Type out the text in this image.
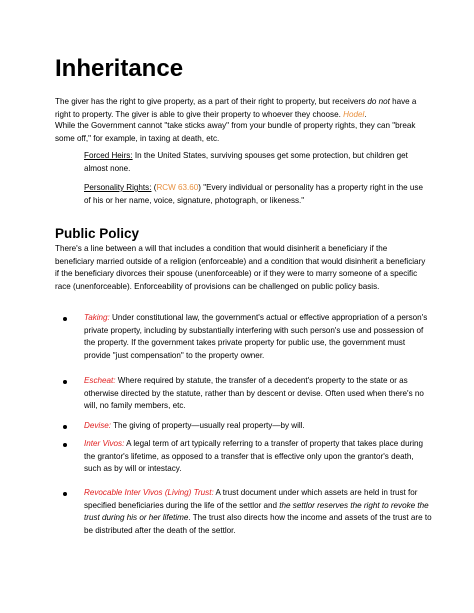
Inheritance

The giver has the right to give property, as a part of their right to property, but receivers do not have a right to property. The giver is able to give their property to whoever they choose. Hodel.

While the Government cannot "take sticks away" from your bundle of property rights, they can "break some off," for example, in taxing at death, etc.

Forced Heirs: In the United States, surviving spouses get some protection, but children get almost none.

Personality Rights: (RCW 63.60) "Every individual or personality has a property right in the use of his or her name, voice, signature, photograph, or likeness."

Public Policy

There's a line between a will that includes a condition that would disinherit a beneficiary if the beneficiary married outside of a religion (enforceable) and a condition that would disinherit a beneficiary if the beneficiary divorces their spouse (unenforceable) or if they were to marry someone of a specific race (unenforceable). Enforceability of provisions can be challenged on public policy basis.

Taking: Under constitutional law, the government's actual or effective appropriation of a person's private property, including by substantially interfering with such person's use and possession of the property. If the government takes private property for public use, the government must provide "just compensation" to the property owner.
Escheat: Where required by statute, the transfer of a decedent's property to the state or as otherwise directed by the statute, rather than by descent or devise. Often used when there's no will, no family members, etc.
Devise: The giving of property—usually real property—by will.
Inter Vivos: A legal term of art typically referring to a transfer of property that takes place during the grantor's lifetime, as opposed to a transfer that is effective only upon the grantor's death, such as by will or intestacy.
Revocable Inter Vivos (Living) Trust: A trust document under which assets are held in trust for specified beneficiaries during the life of the settlor and the settlor reserves the right to revoke the trust during his or her lifetime. The trust also directs how the income and assets of the trust are to be distributed after the death of the settlor.
